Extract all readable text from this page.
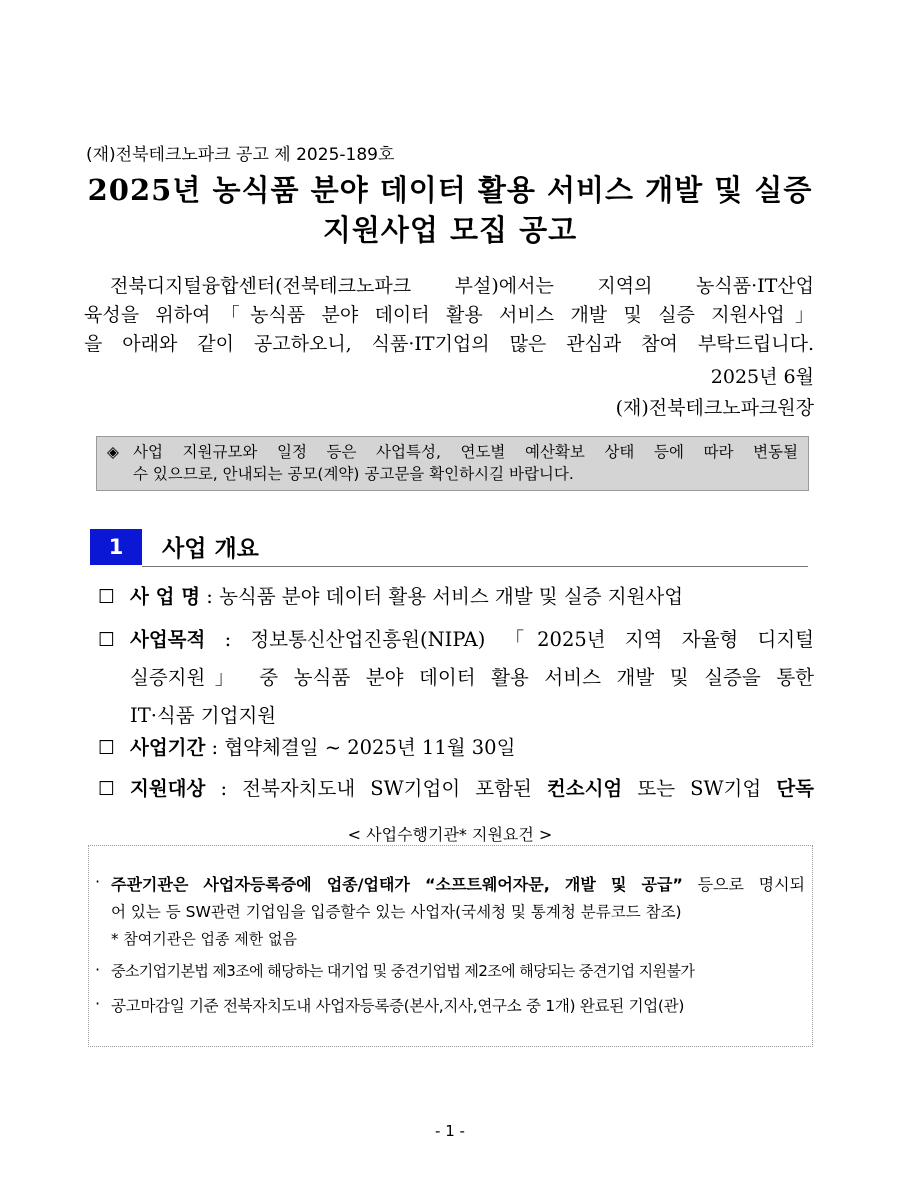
(재)전북테크노파크 공고 제 2025-189호
2025년 농식품 분야 데이터 활용 서비스 개발 및 실증
지원사업 모집 공고
전북디지털융합센터(전북테크노파크 부설)에서는 지역의 농식품·IT산업
육성을 위하여「농식품 분야 데이터 활용 서비스 개발 및 실증 지원사업」
을 아래와 같이 공고하오니, 식품·IT기업의 많은 관심과 참여 부탁드립니다.
2025년 6월
(재)전북테크노파크원장
◈ 사업 지원규모와 일정 등은 사업특성, 연도별 예산확보 상태 등에 따라 변동될
수 있으므로, 안내되는 공모(계약) 공고문을 확인하시길 바랍니다.
1	사업 개요
☐ 사 업 명 : 농식품 분야 데이터 활용 서비스 개발 및 실증 지원사업
☐ 사업목적 : 정보통신산업진흥원(NIPA) 「2025년 지역 자율형 디지털
실증지원」 중 농식품 분야 데이터 활용 서비스 개발 및 실증을 통한
IT·식품 기업지원
☐ 사업기간 : 협약체결일 ~ 2025년 11월 30일
☐ 지원대상 : 전북자치도내 SW기업이 포함된 컨소시엄 또는 SW기업 단독
< 사업수행기관* 지원요건 >
· 주관기관은 사업자등록증에 업종/업태가 “소프트웨어자문, 개발 및 공급” 등으로 명시되
어 있는 등 SW관련 기업임을 입증할수 있는 사업자(국세청 및 통계청 분류코드 참조)
* 참여기관은 업종 제한 없음
· 중소기업기본법 제3조에 해당하는 대기업 및 중견기업법 제2조에 해당되는 중견기업 지원불가
· 공고마감일 기준 전북자치도내 사업자등록증(본사,지사,연구소 중 1개) 완료된 기업(관)
- 1 -
